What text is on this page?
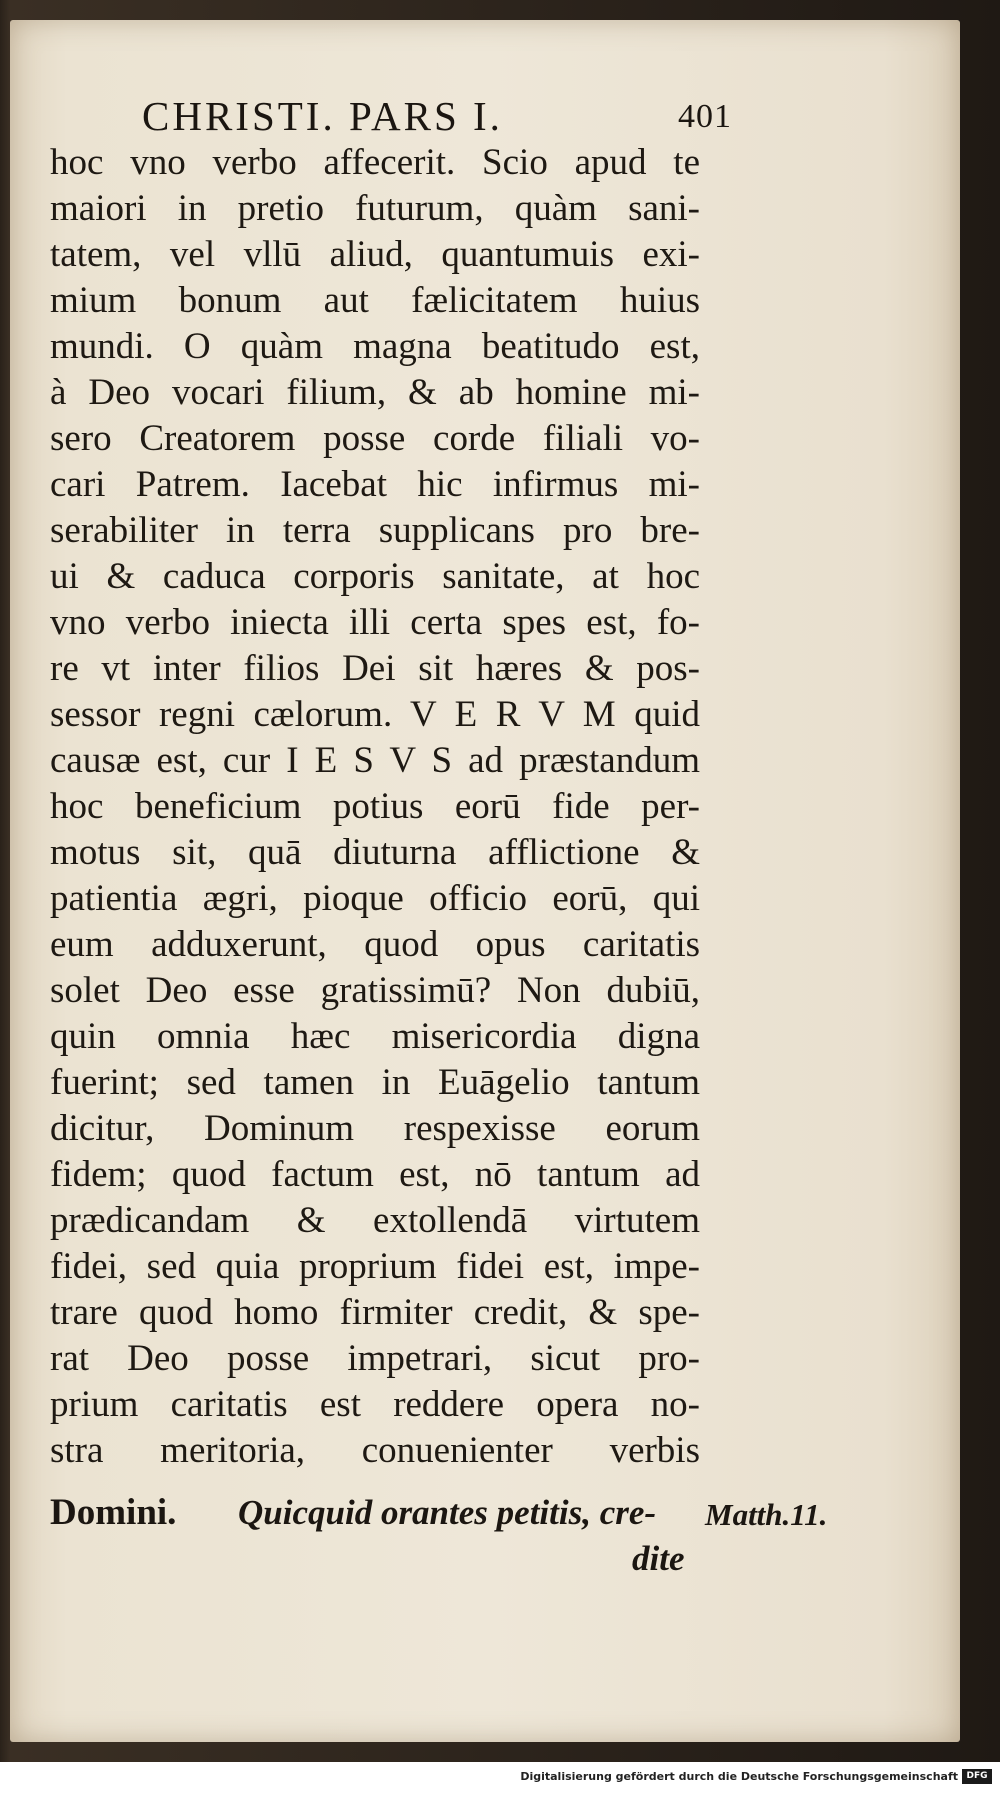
CHRISTI. PARS I.	401
hoc vno verbo affecerit. Scio apud te
maiori in pretio futurum, quàm sani-
tatem, vel vllū aliud, quantumuis exi-
mium bonum aut fælicitatem huius
mundi. O quàm magna beatitudo est,
à Deo vocari filium, & ab homine mi-
sero Creatorem posse corde filiali vo-
cari Patrem. Iacebat hic infirmus mi-
serabiliter in terra supplicans pro bre-
ui & caduca corporis sanitate, at hoc
vno verbo iniecta illi certa spes est, fo-
re vt inter filios Dei sit hæres & pos-
sessor regni cælorum. V E R V M quid
causæ est, cur I E S V S ad præstandum
hoc beneficium potius eorū fide per-
motus sit, quā diuturna afflictione &
patientia ægri, pioque officio eorū, qui
eum adduxerunt, quod opus caritatis
solet Deo esse gratissimū? Non dubiū,
quin omnia hæc misericordia digna
fuerint; sed tamen in Euāgelio tantum
dicitur, Dominum respexisse eorum
fidem; quod factum est, nō tantum ad
prædicandam & extollendā virtutem
fidei, sed quia proprium fidei est, impe-
trare quod homo firmiter credit, & spe-
rat Deo posse impetrari, sicut pro-
prium caritatis est reddere opera no-
stra meritoria, conuenienter verbis
Domini. Quicquid orantes petitis, cre- Matth.11.
dite
Digitalisierung gefördert durch die Deutsche Forschungsgemeinschaft DFG
